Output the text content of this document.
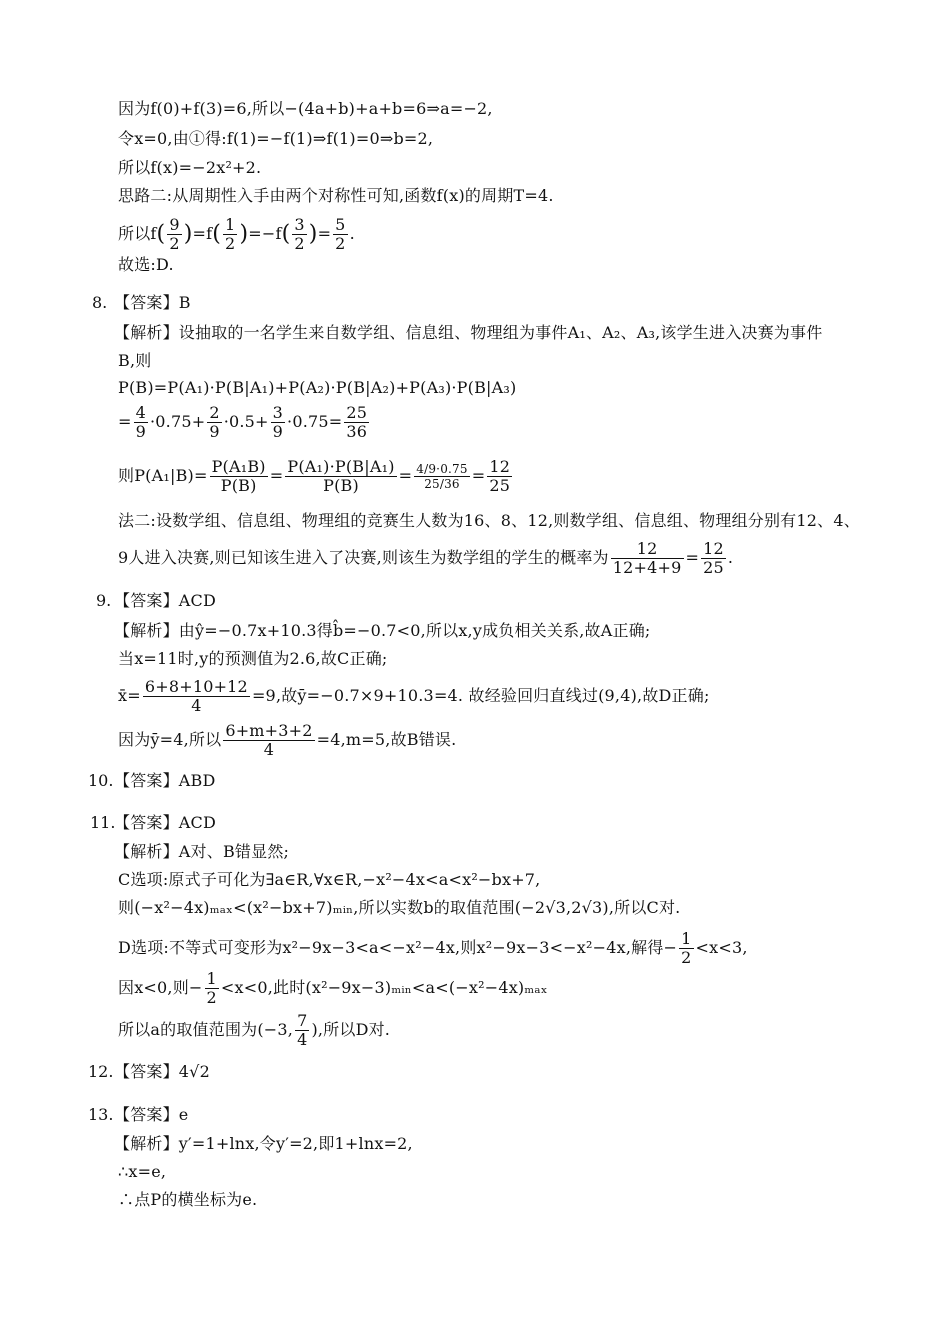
因为f(0)+f(3)=6,所以−(4a+b)+a+b=6⇒a=−2,
令x=0,由①得:f(1)=−f(1)⇒f(1)=0⇒b=2,
所以f(x)=−2x²+2.
思路二:从周期性入手由两个对称性可知,函数f(x)的周期T=4.
所以$f( \frac{9}{2} )=f( \frac{1}{2} )=-f( \frac{3}{2}$ )= $\frac{5}{2}$ .
故选:D.
8. 【答案】B
【解析】设抽取的一名学生来自数学组、信息组、物理组为事件A₁、A₂、A₃,该学生进入决赛为事件
B,则
P(B)=P(A₁)·P(B|A₁)+P(A₂)·P(B|A₂)+P(A₃)·P(B|A₃)
= $\frac{4}{9} \cdot 0.75+ \frac{2}{9} \cdot 0.5+ \frac{3}{9} \cdot 0.75= \frac{25}{36}$
则$P(A_1|B)= \frac{\text{P(A₁B)}}{P(B)} = \frac{\text{P(A₁)·P(B|A₁)}}{P(B)} = \frac{4/9\cdot 0.75}{25/36} = \frac{12}{25}$
法二:设数学组、信息组、物理组的竞赛生人数为16、8、12,则数学组、信息组、物理组分别有12、4、
9人进入决赛,则已知该生进入了决赛,则该生为数学组的学生的概率为 $\frac{12}{12+4+9} = \frac{12}{25}$ .
9. 【答案】ACD
【解析】由ŷ=−0.7x+10.3得b̂=−0.7<0,所以x,y成负相关关系,故A正确;
当x=11时,y的预测值为2.6,故C正确;
x̄= $\frac{6+8+10+12}{4} =9$,故ȳ=−0.7×9+10.3=4. 故经验回归直线过(9,4),故D正确;
因为ȳ=4,所以 $\frac{6+m+3+2}{4} =4,m=5$,故B错误.
10. 【答案】ABD
11.
【答案】ACD
【解析】A对、B错显然;
C选项:原式子可化为∃a∈R,∀x∈R,−x²−4x<a<x²−bx+7,
则(−x²−4x)ₘₐₓ<(x²−bx+7)ₘᵢₙ,所以实数b的取值范围(−2√3,2√3),所以C对.
D选项:不等式可变形为x²−9x−3<a<−x²−4x,则x²−9x−3<−x²−4x,解得− $\frac{1}{2} <x<3$,
因x<0,则− $\frac{1}{2} <x<0$,此时(x²−9x−3)ₘᵢₙ<a<(−x²−4x)ₘₐₓ
所以a的取值范围为(−3, $\frac{7}{4}$ ),所以D对.
12. 【答案】4√2
13. 【答案】e
【解析】y′=1+lnx,令y′=2,即1+lnx=2,
∴x=e,
∴点P的横坐标为e.
